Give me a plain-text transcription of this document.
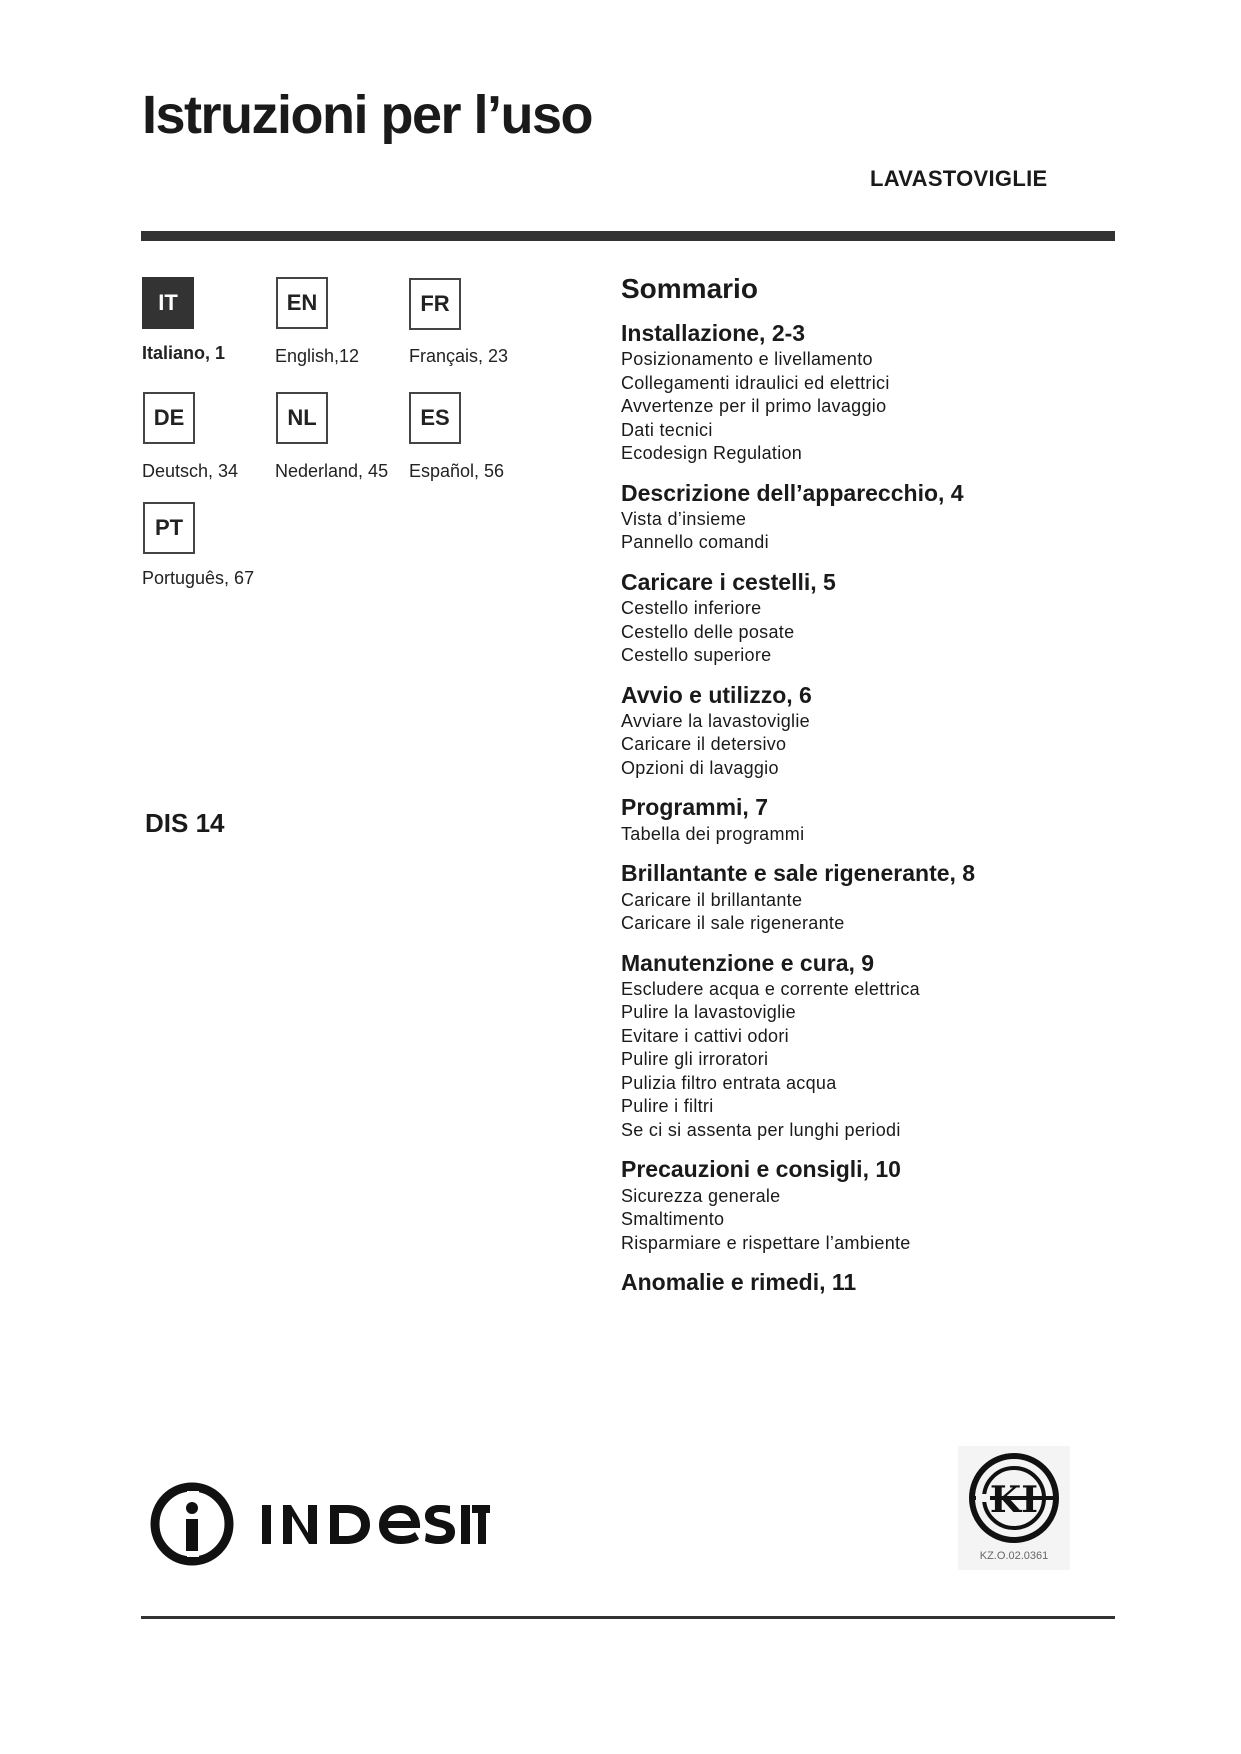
Istruzioni per l’uso
LAVASTOVIGLIE
IT
Italiano, 1
EN
English,12
FR
Français, 23
DE
Deutsch, 34
NL
Nederland, 45
ES
Español, 56
PT
Português, 67
DIS 14
Sommario
Installazione, 2-3
Posizionamento e livellamento
Collegamenti idraulici ed elettrici
Avvertenze per il primo lavaggio
Dati tecnici
Ecodesign Regulation
Descrizione dell’apparecchio, 4
Vista d’insieme
Pannello comandi
Caricare i cestelli, 5
Cestello inferiore
Cestello delle posate
Cestello superiore
Avvio e utilizzo, 6
Avviare la lavastoviglie
Caricare il detersivo
Opzioni di lavaggio
Programmi, 7
Tabella dei programmi
Brillantante e sale rigenerante, 8
Caricare il brillantante
Caricare il sale rigenerante
Manutenzione e cura, 9
Escludere acqua e corrente elettrica
Pulire la lavastoviglie
Evitare i cattivi odori
Pulire gli irroratori
Pulizia filtro entrata acqua
Pulire i filtri
Se ci si assenta per lunghi periodi
Precauzioni e consigli, 10
Sicurezza generale
Smaltimento
Risparmiare e rispettare l’ambiente
Anomalie e rimedi, 11
KI
KZ.O.02.0361
